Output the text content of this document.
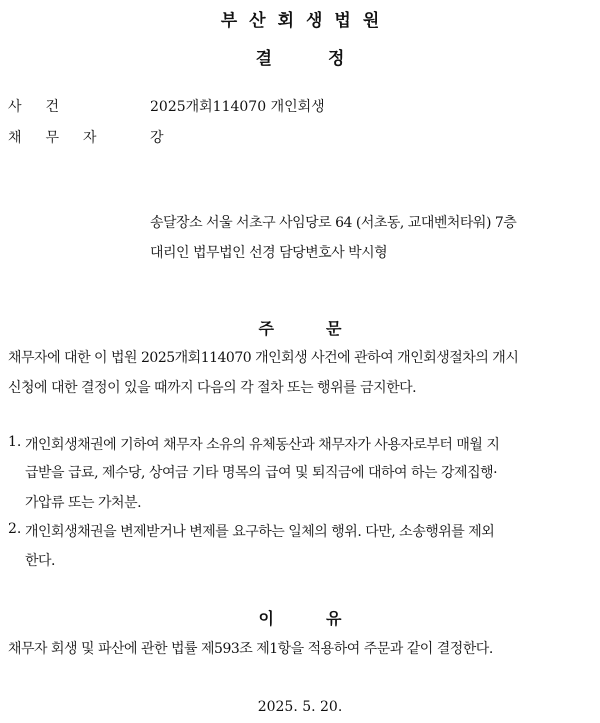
부산회생법원
결정
사건	2025개회114070 개인회생
채무자 강
송달장소 서울 서초구 사임당로 64 (서초동, 교대벤처타워) 7층
대리인 법무법인 선경 담당변호사 박시형
주문
채무자에 대한 이 법원 2025개회114070 개인회생 사건에 관하여 개인회생절차의 개시
신청에 대한 결정이 있을 때까지 다음의 각 절차 또는 행위를 금지한다.
1. 개인회생채권에 기하여 채무자 소유의 유체동산과 채무자가 사용자로부터 매월 지
급받을 급료, 제수당, 상여금 기타 명목의 급여 및 퇴직금에 대하여 하는 강제집행·
가압류 또는 가처분.
2. 개인회생채권을 변제받거나 변제를 요구하는 일체의 행위. 다만, 소송행위를 제외
한다.
이유
채무자 회생 및 파산에 관한 법률 제593조 제1항을 적용하여 주문과 같이 결정한다.
2025. 5. 20.
